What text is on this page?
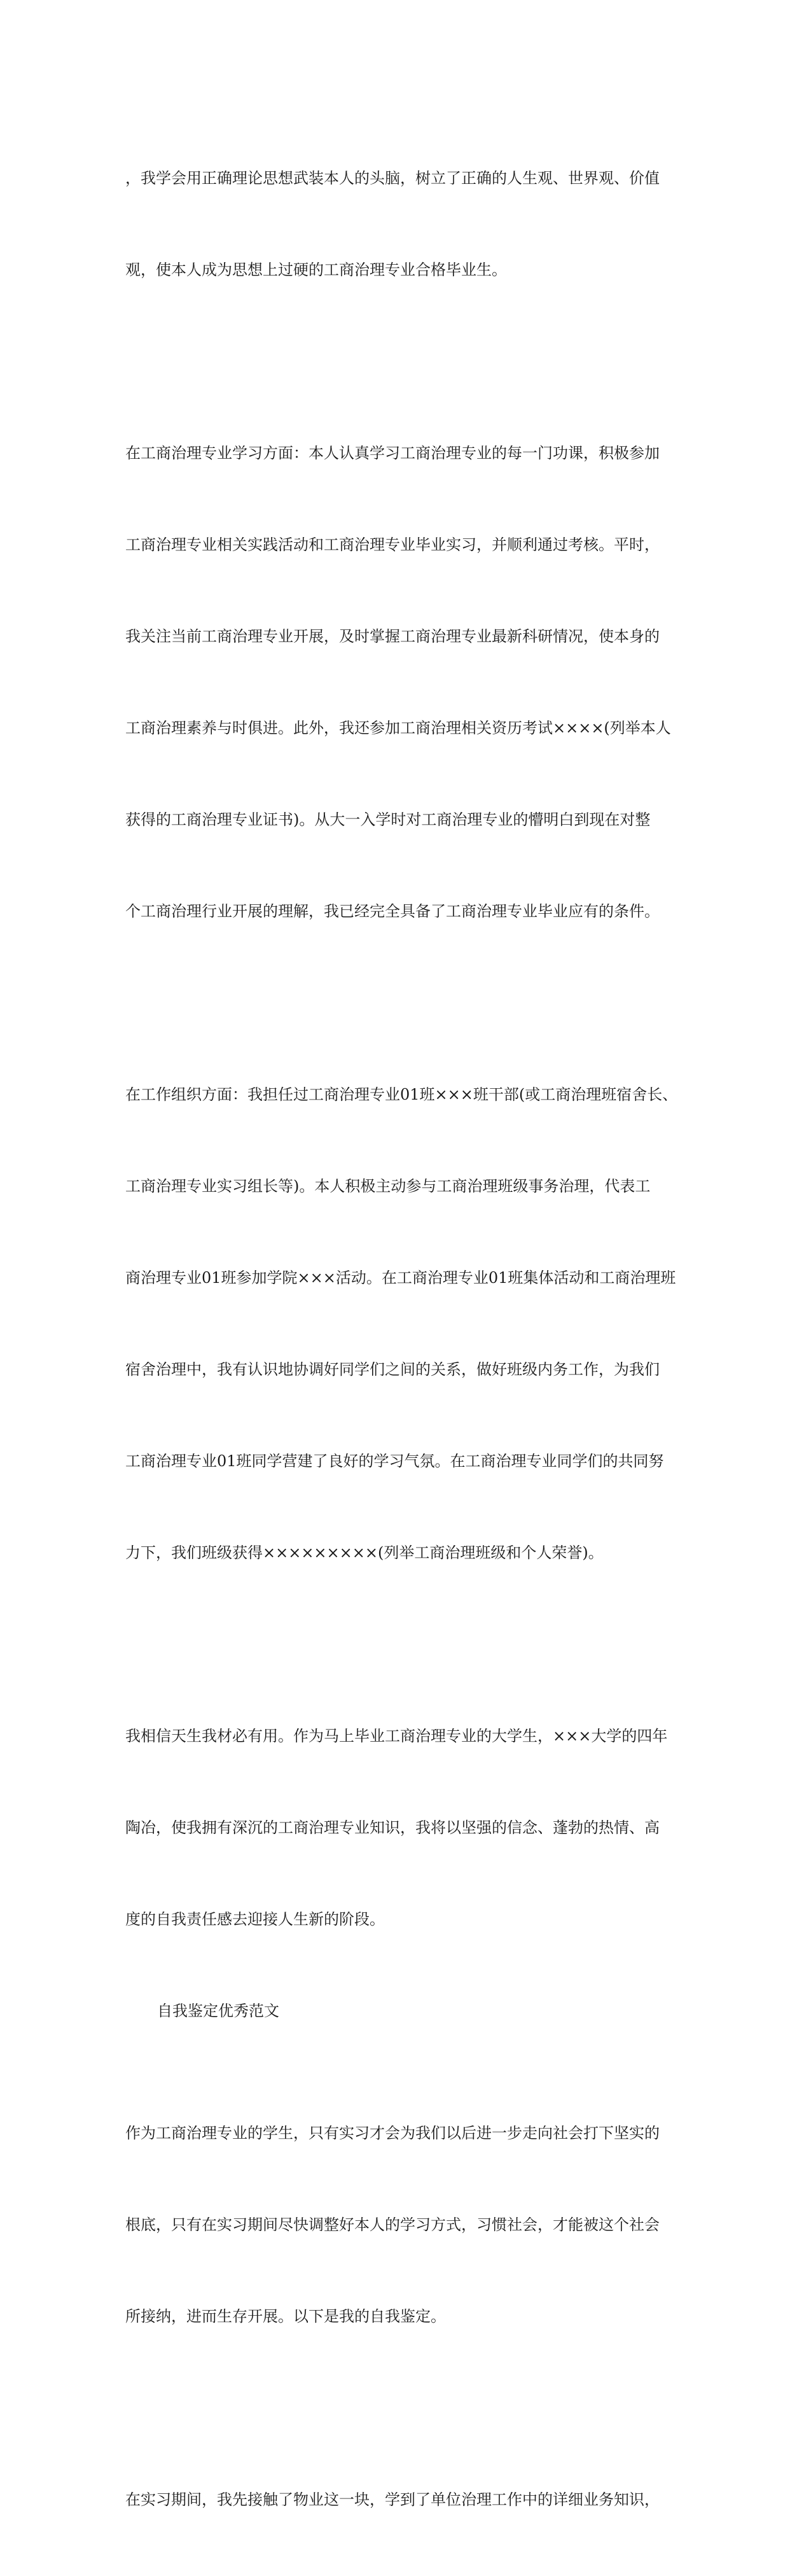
，我学会用正确理论思想武装本人的头脑，树立了正确的人生观、世界观、价值

观，使本人成为思想上过硬的工商治理专业合格毕业生。

在工商治理专业学习方面：本人认真学习工商治理专业的每一门功课，积极参加

工商治理专业相关实践活动和工商治理专业毕业实习，并顺利通过考核。平时，

我关注当前工商治理专业开展，及时掌握工商治理专业最新科研情况，使本身的

工商治理素养与时俱进。此外，我还参加工商治理相关资历考试××××(列举本人

获得的工商治理专业证书)。从大一入学时对工商治理专业的懵明白到现在对整

个工商治理行业开展的理解，我已经完全具备了工商治理专业毕业应有的条件。

在工作组织方面：我担任过工商治理专业01班×××班干部(或工商治理班宿舍长、

工商治理专业实习组长等)。本人积极主动参与工商治理班级事务治理，代表工

商治理专业01班参加学院×××活动。在工商治理专业01班集体活动和工商治理班

宿舍治理中，我有认识地协调好同学们之间的关系，做好班级内务工作，为我们

工商治理专业01班同学营建了良好的学习气氛。在工商治理专业同学们的共同努

力下，我们班级获得×××××××××(列举工商治理班级和个人荣誉)。

我相信天生我材必有用。作为马上毕业工商治理专业的大学生，×××大学的四年

陶冶，使我拥有深沉的工商治理专业知识，我将以坚强的信念、蓬勃的热情、高

度的自我责任感去迎接人生新的阶段。

自我鉴定优秀范文

作为工商治理专业的学生，只有实习才会为我们以后进一步走向社会打下坚实的

根底，只有在实习期间尽快调整好本人的学习方式，习惯社会，才能被这个社会

所接纳，进而生存开展。以下是我的自我鉴定。

在实习期间，我先接触了物业这一块，学到了单位治理工作中的详细业务知识，
